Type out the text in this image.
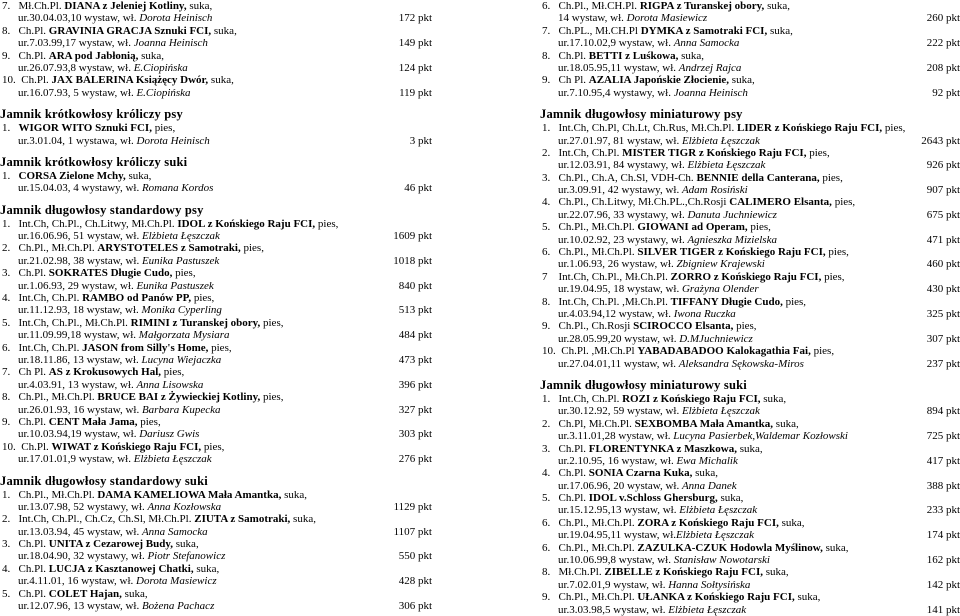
7.   Mł.Ch.Pl. DIANA z Jeleniej Kotliny, suka,
ur.30.04.03,10 wystaw, wł. Dorota Heinisch	172 pkt
8.   Ch.Pl. GRAVINIA GRACJA Sznuki FCI, suka,
ur.7.03.99,17 wystaw, wł. Joanna Heinisch	149 pkt
9.   Ch.Pl. ARA pod Jabłonią, suka,
ur.26.07.93,8 wystaw, wł. E.Ciopińska	124 pkt
10.  Ch.Pl. JAX BALERINA Książęcy Dwór, suka,
ur.16.07.93, 5 wystaw, wł. E.Ciopińska	119 pkt
Jamnik krótkowłosy króliczy psy
1.   WIGOR WITO Sznuki FCI, pies,
ur.3.01.04, 1 wystawa, wł. Dorota Heinisch	3 pkt
Jamnik krótkowłosy króliczy suki
1.   CORSA Zielone Mchy, suka,
ur.15.04.03, 4 wystawy, wł. Romana Kordos	46 pkt
Jamnik długowłosy standardowy psy
1.   Int.Ch, Ch.Pl., Ch.Litwy, Mł.Ch.Pl. IDOL z Końskiego Raju FCI, pies,
ur.16.06.96, 51 wystaw, wł. Elżbieta Łęszczak	1609 pkt
2.   Ch.Pl., Mł.Ch.Pl. ARYSTOTELES z Samotraki, pies,
ur.21.02.98, 38 wystaw, wł. Eunika Pastuszek	1018 pkt
3.   Ch.Pl. SOKRATES Długie Cudo, pies,
ur.1.06.93, 29 wystaw, wł. Eunika Pastuszek	840 pkt
4.   Int.Ch, Ch.Pl. RAMBO od Panów PP, pies,
ur.11.12.93, 18 wystaw, wł. Monika Cyperling	513 pkt
5.   Int.Ch, Ch.Pl., Mł.Ch.Pl. RIMINI z Turanskej obory, pies,
ur.11.09.99,18 wystaw, wł. Małgorzata Mysiara	484 pkt
6.   Int.Ch, Ch.Pl. JASON from Silly's Home, pies,
ur.18.11.86, 13 wystaw, wł. Lucyna Wiejaczka	473 pkt
7.   Ch Pl. AS z Krokusowych Hal, pies,
ur.4.03.91, 13 wystaw, wł. Anna Lisowska	396 pkt
8.   Ch.Pl., Mł.Ch.Pl. BRUCE BAI z Żywieckiej Kotliny, pies,
ur.26.01.93, 16 wystaw, wł. Barbara Kupecka	327 pkt
9.   Ch.Pl. CENT Mała Jama, pies,
ur.10.03.94,19 wystaw, wł. Dariusz Gwis	303 pkt
10.  Ch.Pl. WIWAT z Końskiego Raju FCI, pies,
ur.17.01.01,9 wystaw, wł. Elżbieta Łęszczak	276 pkt
Jamnik długowłosy standardowy suki
1.   Ch.Pl., Mł.Ch.Pl. DAMA KAMELIOWA Mała Amantka, suka,
ur.13.07.98, 52 wystawy, wł. Anna Kozłowska	1129 pkt
2.   Int.Ch, Ch.Pl., Ch.Cz, Ch.Sl, Mł.Ch.Pl. ZIUTA z Samotraki, suka,
ur.13.03.94, 45 wystaw, wł. Anna Samocka	1107 pkt
3.   Ch.Pl. UNITA z Cezarowej Budy, suka,
ur.18.04.90, 32 wystawy, wł. Piotr Stefanowicz	550 pkt
4.   Ch.Pl. LUCJA z Kasztanowej Chatki, suka,
ur.4.11.01, 16 wystaw, wł. Dorota Masiewicz	428 pkt
5.   Ch.Pl. COLET Hajan, suka,
ur.12.07.96, 13 wystaw, wł. Bożena Pachacz	306 pkt
6.   Ch.Pl., Mł.CH.Pl. RIGPA z Turanskej obory, suka,
14 wystaw, wł. Dorota Masiewicz	260 pkt
7.   Ch.PL., Mł.CH.Pl DYMKA z Samotraki FCI, suka,
ur.17.10.02,9 wystaw, wł. Anna Samocka	222 pkt
8.   Ch.Pl. BETTI z Luśkowa, suka,
ur.18.05.95,11 wystaw, wł. Andrzej Rajca	208 pkt
9.   Ch Pl. AZALIA Japońskie Złocienie, suka,
ur.7.10.95,4 wystawy, wł. Joanna Heinisch	92 pkt
Jamnik długowłosy miniaturowy psy
1.   Int.Ch, Ch.Pl, Ch.Lt, Ch.Rus, Mł.Ch.Pl. LIDER z Końskiego Raju FCI, pies,
ur.27.01.97, 81 wystaw, wł. Elżbieta Łęszczak	2643 pkt
2.   Int.Ch, Ch.Pl. MISTER TIGR z Końskiego Raju FCI, pies,
ur.12.03.91, 84 wystawy, wł. Elżbieta Łęszczak	926 pkt
3.   Ch.Pl., Ch.A, Ch.Sl, VDH-Ch. BENNIE della Canterana, pies,
ur.3.09.91, 42 wystawy, wł. Adam Rosiński	907 pkt
4.   Ch.Pl., Ch.Litwy, Mł.Ch.PL.,Ch.Rosji CALIMERO Elsanta, pies,
ur.22.07.96, 33 wystawy, wł. Danuta Juchniewicz	675 pkt
5.   Ch.Pl., Mł.Ch.Pl. GIOWANI ad Operam, pies,
ur.10.02.92, 23 wystawy, wł. Agnieszka Mizielska	471 pkt
6.   Ch.Pl., Mł.Ch.Pl. SILVER TIGER z Końskiego Raju FCI, pies,
ur.1.06.93, 26 wystaw, wł. Zbigniew Krajewski	460 pkt
7    Int.Ch, Ch.Pl., Mł.Ch.Pl. ZORRO z Końskiego Raju FCI, pies,
ur.19.04.95, 18 wystaw, wł. Grażyna Olender	430 pkt
8.   Int.Ch, Ch.Pl. ,Mł.Ch.Pl. TIFFANY Długie Cudo, pies,
ur.4.03.94,12 wystaw, wł. Iwona Ruczka	325 pkt
9.   Ch.Pl., Ch.Rosji SCIROCCO Elsanta, pies,
ur.28.05.99,20 wystaw, wł. D.MJuchniewicz	307 pkt
10.  Ch.Pl. ,Mł.Ch.Pl YABADABADOO Kalokagathia Fai, pies,
ur.27.04.01,11 wystaw, wł. Aleksandra Sękowska-Miros	237 pkt
Jamnik długowłosy miniaturowy suki
1.   Int.Ch, Ch.Pl. ROZI z Końskiego Raju FCI, suka,
ur.30.12.92, 59 wystaw, wł. Elżbieta Łęszczak	894 pkt
2.   Ch.Pl, Mł.Ch.Pl. SEXBOMBA Mała Amantka, suka,
ur.3.11.01,28 wystaw, wł. Lucyna Pasierbek,Waldemar Kozłowski	725 pkt
3.   Ch.Pl. FLORENTYNKA z Maszkowa, suka,
ur.2.10.95, 16 wystaw, wł. Ewa Michalik	417 pkt
4.   Ch.Pl. SONIA Czarna Kuka, suka,
ur.17.06.96, 20 wystaw, wł. Anna Danek	388 pkt
5.   Ch.Pl. IDOL v.Schloss Ghersburg, suka,
ur.15.12.95,13 wystaw, wł. Elżbieta Łęszczak	233 pkt
6.   Ch.Pl., Mł.Ch.Pl. ZORA z Końskiego Raju FCI, suka,
ur.19.04.95,11 wystaw, wł.Elżbieta Łęszczak	174 pkt
6.   Ch.Pl., Mł.Ch.Pl. ZAZULKA-CZUK Hodowla Myślinow, suka,
ur.10.06.99,8 wystaw, wł. Stanisław Nowotarski	162 pkt
8.   Mł.Ch.Pl. ZIBELLE z Końskiego Raju FCI, suka,
ur.7.02.01,9 wystaw, wł. Hanna Sołtysińska	142 pkt
9.   Ch.Pl., Mł.Ch.Pl. UŁANKA z Końskiego Raju FCI, suka,
ur.3.03.98,5 wystaw, wł. Elżbieta Łęszczak	141 pkt
